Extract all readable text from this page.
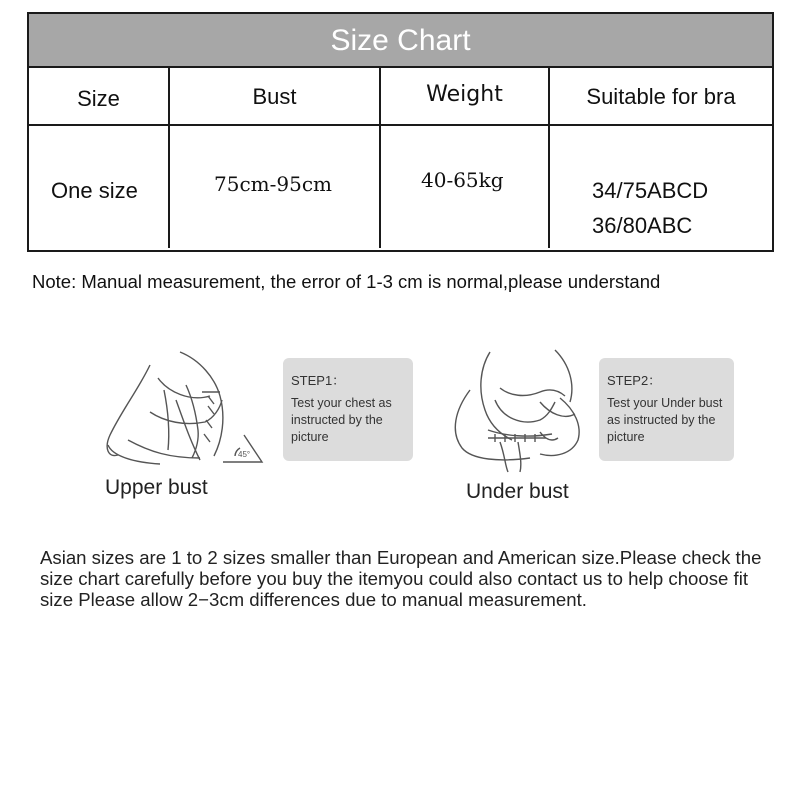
Size Chart
Size	Bust	Weight	Suitable for bra
One size	75cm-95cm	40-65kg	34/75ABCD
36/80ABC
Note: Manual measurement, the error of 1-3 cm is normal,please understand
45°
STEP1：
Test your chest as instructed by the picture
STEP2：
Test your Under bust as instructed by the picture
Upper bust	Under bust
Asian sizes are 1 to 2 sizes smaller than European and American size.Please check the size chart carefully before you buy the itemyou could also contact us to help choose fit size Please allow 2−3cm differences due to manual measurement.
